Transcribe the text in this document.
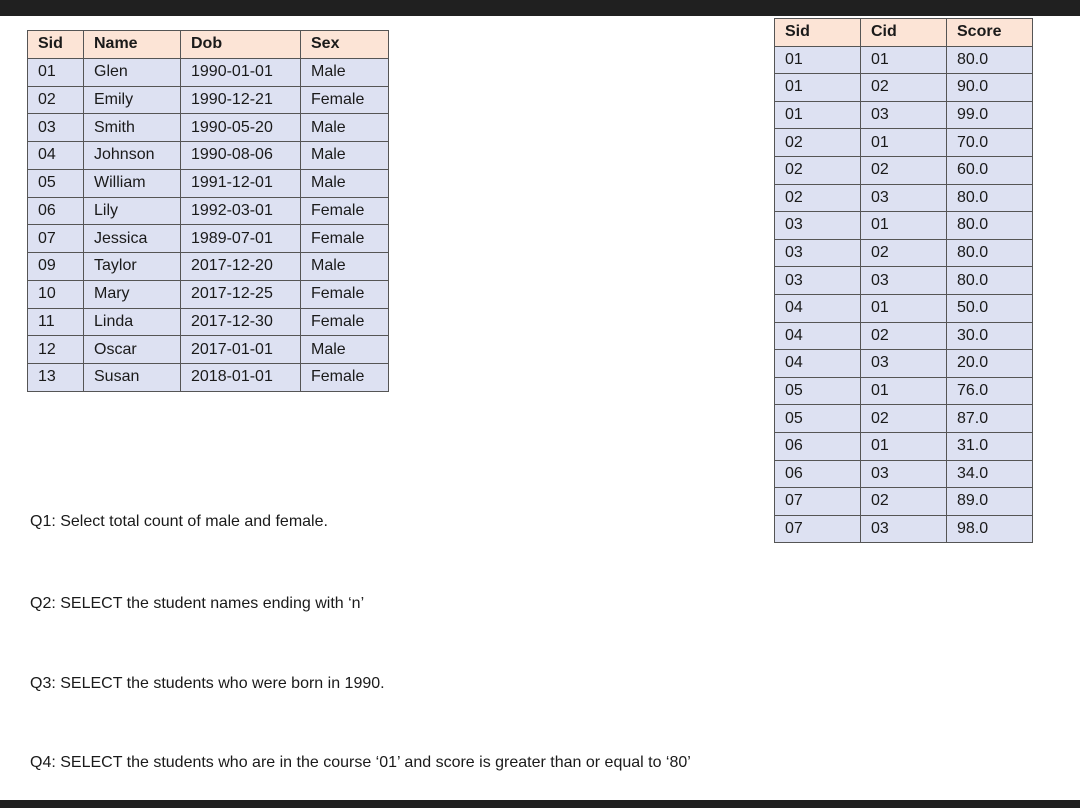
Sid	Name	Dob	Sex
01	Glen	1990-01-01	Male
02	Emily	1990-12-21	Female
03	Smith	1990-05-20	Male
04	Johnson	1990-08-06	Male
05	William	1991-12-01	Male
06	Lily	1992-03-01	Female
07	Jessica	1989-07-01	Female
09	Taylor	2017-12-20	Male
10	Mary	2017-12-25	Female
11	Linda	2017-12-30	Female
12	Oscar	2017-01-01	Male
13	Susan	2018-01-01	Female
Sid	Cid	Score
01	01	80.0
01	02	90.0
01	03	99.0
02	01	70.0
02	02	60.0
02	03	80.0
03	01	80.0
03	02	80.0
03	03	80.0
04	01	50.0
04	02	30.0
04	03	20.0
05	01	76.0
05	02	87.0
06	01	31.0
06	03	34.0
07	02	89.0
07	03	98.0
Q1: Select total count of male and female.
Q2: SELECT the student names ending with ‘n’
Q3: SELECT the students who were born in 1990.
Q4: SELECT the students who are in the course ‘01’ and score is greater than or equal to ‘80’
